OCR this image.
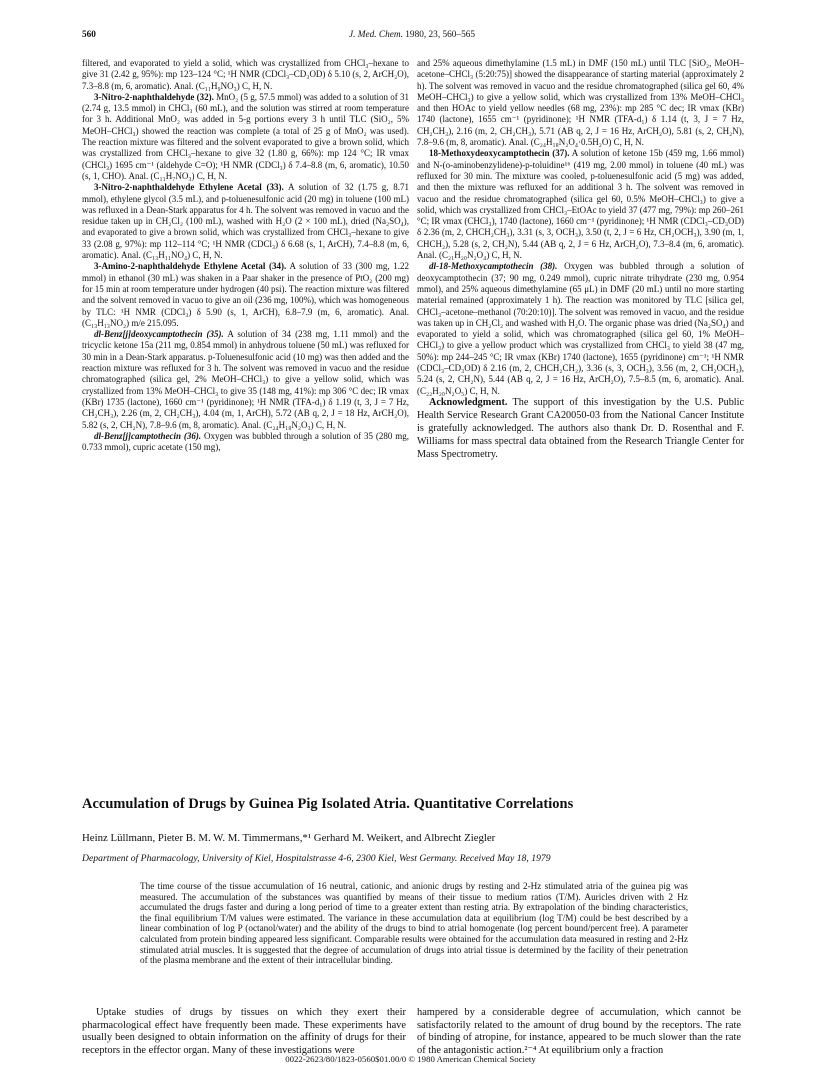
560	J. Med. Chem. 1980, 23, 560–565

filtered, and evaporated to yield a solid, which was crystallized from CHCl₃–hexane to give 31 (2.42 g, 95%): mp 123–124 °C; ¹H NMR (CDCl₃–CD₃OD) δ 5.10 (s, 2, ArCH₂O), 7.3–8.8 (m, 6, aromatic). Anal. (C₁₁H₉NO₃) C, H, N.

3-Nitro-2-naphthaldehyde (32). MnO₂ (5 g, 57.5 mmol) was added to a solution of 31 (2.74 g, 13.5 mmol) in CHCl₃ (60 mL), and the solution was stirred at room temperature for 3 h. Additional MnO₂ was added in 5-g portions every 3 h until TLC (SiO₂, 5% MeOH–CHCl₃) showed the reaction was complete (a total of 25 g of MnO₂ was used). The reaction mixture was filtered and the solvent evaporated to give a brown solid, which was crystallized from CHCl₃–hexane to give 32 (1.80 g, 66%): mp 124 °C; IR νmax (CHCl₃) 1695 cm⁻¹ (aldehyde C=O); ¹H NMR (CDCl₃) δ 7.4–8.8 (m, 6, aromatic), 10.50 (s, 1, CHO). Anal. (C₁₁H₇NO₃) C, H, N.

3-Nitro-2-naphthaldehyde Ethylene Acetal (33). A solution of 32 (1.75 g, 8.71 mmol), ethylene glycol (3.5 mL), and p-toluenesulfonic acid (20 mg) in toluene (100 mL) was refluxed in a Dean-Stark apparatus for 4 h. The solvent was removed in vacuo and the residue taken up in CH₂Cl₂ (100 mL), washed with H₂O (2 × 100 mL), dried (Na₂SO₄), and evaporated to give a brown solid, which was crystallized from CHCl₃–hexane to give 33 (2.08 g, 97%): mp 112–114 °C; ¹H NMR (CDCl₃) δ 6.68 (s, 1, ArCH), 7.4–8.8 (m, 6, aromatic). Anal. (C₁₃H₁₁NO₄) C, H, N.

3-Amino-2-naphthaldehyde Ethylene Acetal (34). A solution of 33 (300 mg, 1.22 mmol) in ethanol (30 mL) was shaken in a Paar shaker in the presence of PtO₂ (200 mg) for 15 min at room temperature under hydrogen (40 psi). The reaction mixture was filtered and the solvent removed in vacuo to give an oil (236 mg, 100%), which was homogeneous by TLC: ¹H NMR (CDCl₃) δ 5.90 (s, 1, ArCH), 6.8–7.9 (m, 6, aromatic). Anal. (C₁₃H₁₃NO₂) m/e 215.095.

dl-Benz[j]deoxycamptothecin (35). A solution of 34 (238 mg, 1.11 mmol) and the tricyclic ketone 15a (211 mg, 0.854 mmol) in anhydrous toluene (50 mL) was refluxed for 30 min in a Dean-Stark apparatus. p-Toluenesulfonic acid (10 mg) was then added and the reaction mixture was refluxed for 3 h. The solvent was removed in vacuo and the residue chromatographed (silica gel, 2% MeOH–CHCl₃) to give a yellow solid, which was crystallized from 13% MeOH–CHCl₃ to give 35 (148 mg, 41%): mp 306 °C dec; IR νmax (KBr) 1735 (lactone), 1660 cm⁻¹ (pyridinone); ¹H NMR (TFA-d₁) δ 1.19 (t, 3, J = 7 Hz, CH₂CH₃), 2.26 (m, 2, CH₂CH₃), 4.04 (m, 1, ArCH), 5.72 (AB q, 2, J = 18 Hz, ArCH₂O), 5.82 (s, 2, CH₂N), 7.8–9.6 (m, 8, aromatic). Anal. (C₂₄H₁₈N₂O₃) C, H, N.

dl-Benz[j]camptothecin (36). Oxygen was bubbled through a solution of 35 (280 mg, 0.733 mmol), cupric acetate (150 mg),

and 25% aqueous dimethylamine (1.5 mL) in DMF (150 mL) until TLC [SiO₂, MeOH–acetone–CHCl₃ (5:20:75)] showed the disappearance of starting material (approximately 2 h). The solvent was removed in vacuo and the residue chromatographed (silica gel 60, 4% MeOH–CHCl₃) to give a yellow solid, which was crystallized from 13% MeOH–CHCl₃ and then HOAc to yield yellow needles (68 mg, 23%): mp 285 °C dec; IR νmax (KBr) 1740 (lactone), 1655 cm⁻¹ (pyridinone); ¹H NMR (TFA-d₁) δ 1.14 (t, 3, J = 7 Hz, CH₂CH₃), 2.16 (m, 2, CH₂CH₃), 5.71 (AB q, 2, J = 16 Hz, ArCH₂O), 5.81 (s, 2, CH₂N), 7.8–9.6 (m, 8, aromatic). Anal. (C₂₄H₁₈N₂O₄·0.5H₂O) C, H, N.

18-Methoxydeoxycamptothecin (37). A solution of ketone 15b (459 mg, 1.66 mmol) and N-(o-aminobenzylidene)-p-toluidine¹⁶ (419 mg, 2.00 mmol) in toluene (40 mL) was refluxed for 30 min. The mixture was cooled, p-toluenesulfonic acid (5 mg) was added, and then the mixture was refluxed for an additional 3 h. The solvent was removed in vacuo and the residue chromatographed (silica gel 60, 0.5% MeOH–CHCl₃) to give a solid, which was crystallized from CHCl₃–EtOAc to yield 37 (477 mg, 79%): mp 260–261 °C; IR νmax (CHCl₃), 1740 (lactone), 1660 cm⁻¹ (pyridinone); ¹H NMR (CDCl₃–CD₃OD) δ 2.36 (m, 2, CHCH₂CH₃), 3.31 (s, 3, OCH₃), 3.50 (t, 2, J = 6 Hz, CH₂OCH₃), 3.90 (m, 1, CHCH₂), 5.28 (s, 2, CH₂N), 5.44 (AB q, 2, J = 6 Hz, ArCH₂O), 7.3–8.4 (m, 6, aromatic). Anal. (C₂₁H₂₀N₂O₄) C, H, N.

dl-18-Methoxycamptothecin (38). Oxygen was bubbled through a solution of deoxycamptothecin (37; 90 mg, 0.249 mmol), cupric nitrate trihydrate (230 mg, 0.954 mmol), and 25% aqueous dimethylamine (65 μL) in DMF (20 mL) until no more starting material remained (approximately 1 h). The reaction was monitored by TLC [silica gel, CHCl₃–acetone–methanol (70:20:10)]. The solvent was removed in vacuo, and the residue was taken up in CH₂Cl₂ and washed with H₂O. The organic phase was dried (Na₂SO₄) and evaporated to yield a solid, which was chromatographed (silica gel 60, 1% MeOH–CHCl₃) to give a yellow product which was crystallized from CHCl₃ to yield 38 (47 mg, 50%): mp 244–245 °C; IR νmax (KBr) 1740 (lactone), 1655 (pyridinone) cm⁻¹; ¹H NMR (CDCl₃–CD₃OD) δ 2.16 (m, 2, CHCH₂CH₂), 3.36 (s, 3, OCH₃), 3.56 (m, 2, CH₂OCH₃), 5.24 (s, 2, CH₂N), 5.44 (AB q, 2, J = 16 Hz, ArCH₂O), 7.5–8.5 (m, 6, aromatic). Anal. (C₂₂H₂₀N₂O₅) C, H, N.

Acknowledgment. The support of this investigation by the U.S. Public Health Service Research Grant CA20050-03 from the National Cancer Institute is gratefully acknowledged. The authors also thank Dr. D. Rosenthal and F. Williams for mass spectral data obtained from the Research Triangle Center for Mass Spectrometry.

Accumulation of Drugs by Guinea Pig Isolated Atria. Quantitative Correlations
Heinz Lüllmann, Pieter B. M. W. M. Timmermans,*¹ Gerhard M. Weikert, and Albrecht Ziegler
Department of Pharmacology, University of Kiel, Hospitalstrasse 4-6, 2300 Kiel, West Germany. Received May 18, 1979

The time course of the tissue accumulation of 16 neutral, cationic, and anionic drugs by resting and 2-Hz stimulated atria of the guinea pig was measured. The accumulation of the substances was quantified by means of their tissue to medium ratios (T/M). Auricles driven with 2 Hz accumulated the drugs faster and during a long period of time to a greater extent than resting atria. By extrapolation of the binding characteristics, the final equilibrium T/M values were estimated. The variance in these accumulation data at equilibrium (log T/M) could be best described by a linear combination of log P (octanol/water) and the ability of the drugs to bind to atrial homogenate (log percent bound/percent free). A parameter calculated from protein binding appeared less significant. Comparable results were obtained for the accumulation data measured in resting and 2-Hz stimulated atrial muscles. It is suggested that the degree of accumulation of drugs into atrial tissue is determined by the facility of their penetration of the plasma membrane and the extent of their intracellular binding.

Uptake studies of drugs by tissues on which they exert their pharmacological effect have frequently been made. These experiments have usually been designed to obtain information on the affinity of drugs for their receptors in the effector organ. Many of these investigations were

hampered by a considerable degree of accumulation, which cannot be satisfactorily related to the amount of drug bound by the receptors. The rate of binding of atropine, for instance, appeared to be much slower than the rate of the antagonistic action.²⁻⁴ At equilibrium only a fraction

0022-2623/80/1823-0560$01.00/0 © 1980 American Chemical Society
